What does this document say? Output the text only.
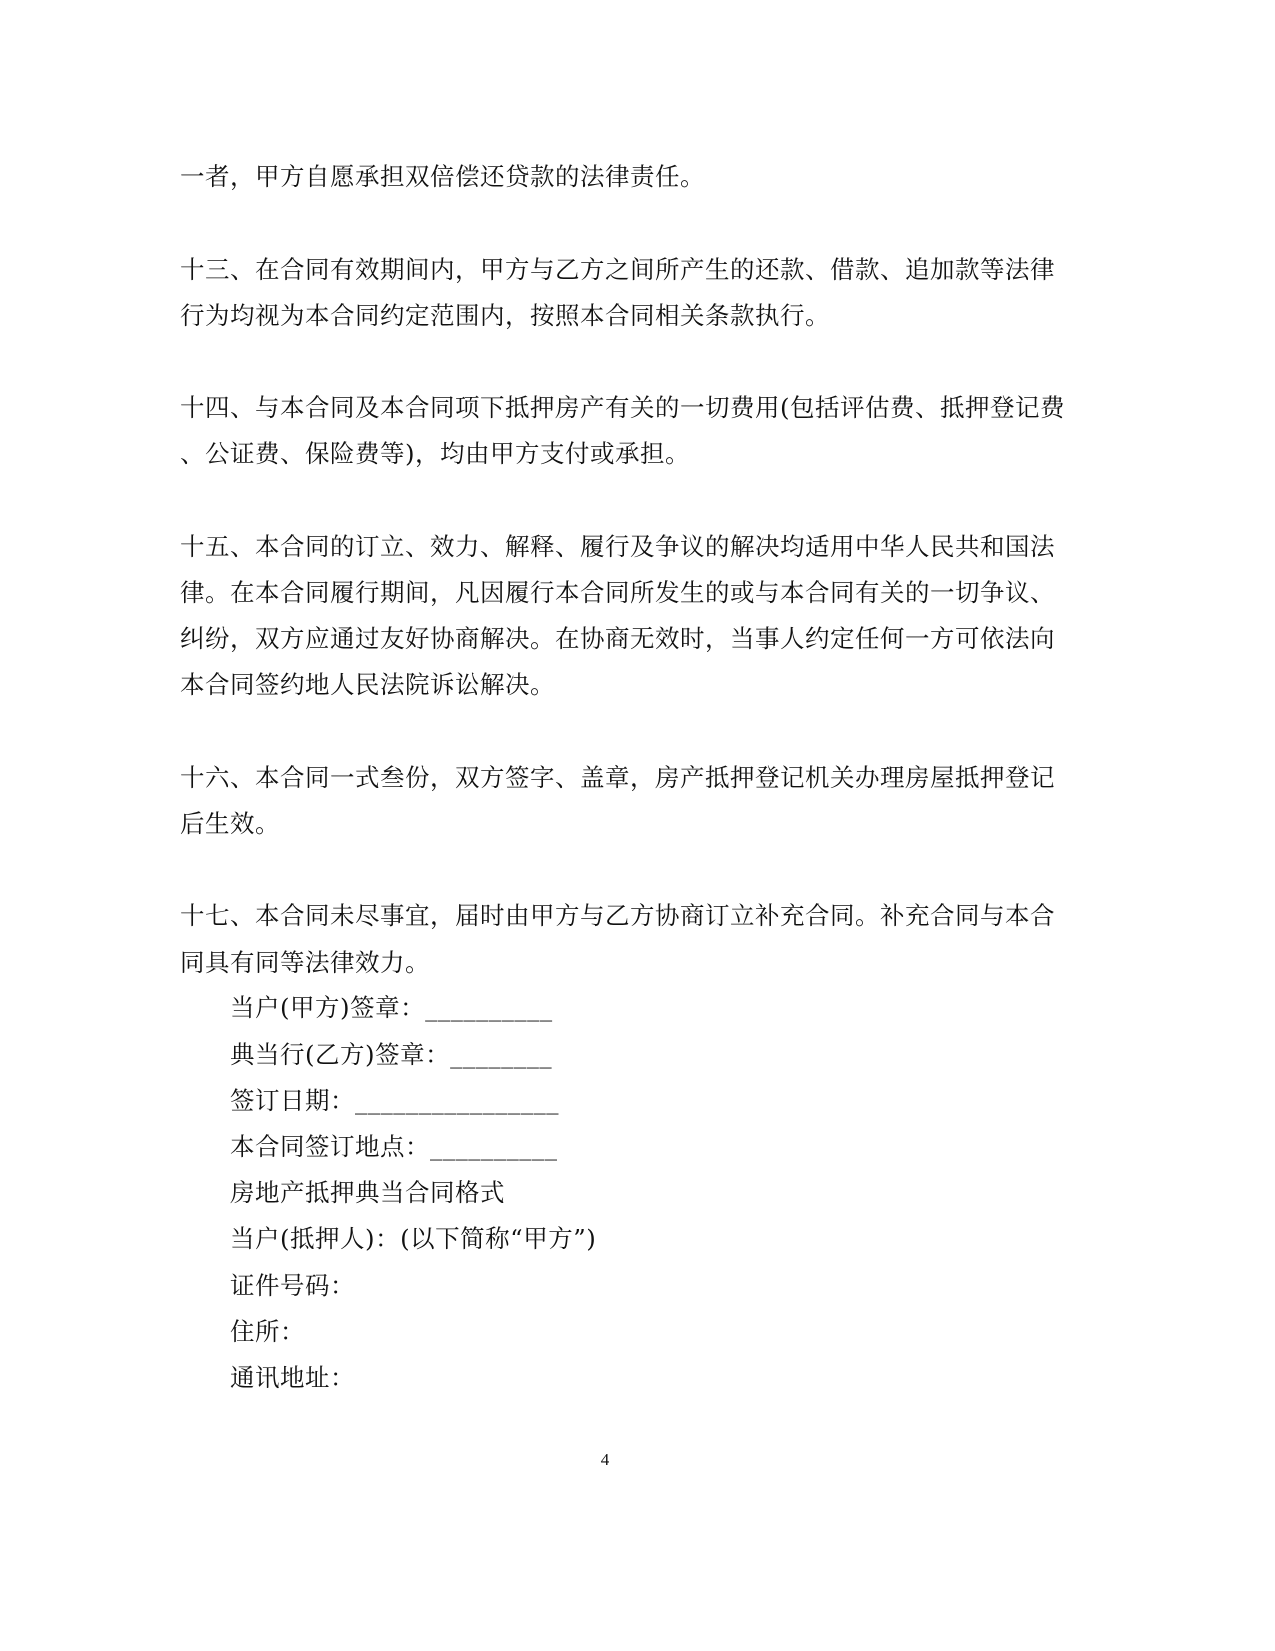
一者，甲方自愿承担双倍偿还贷款的法律责任。
十三、在合同有效期间内，甲方与乙方之间所产生的还款、借款、追加款等法律
行为均视为本合同约定范围内，按照本合同相关条款执行。
十四、与本合同及本合同项下抵押房产有关的一切费用(包括评估费、抵押登记费
、公证费、保险费等)，均由甲方支付或承担。
十五、本合同的订立、效力、解释、履行及争议的解决均适用中华人民共和国法
律。在本合同履行期间，凡因履行本合同所发生的或与本合同有关的一切争议、
纠纷，双方应通过友好协商解决。在协商无效时，当事人约定任何一方可依法向
本合同签约地人民法院诉讼解决。
十六、本合同一式叁份，双方签字、盖章，房产抵押登记机关办理房屋抵押登记
后生效。
十七、本合同未尽事宜，届时由甲方与乙方协商订立补充合同。补充合同与本合
同具有同等法律效力。
当户(甲方)签章：__________
典当行(乙方)签章：________
签订日期：________________
本合同签订地点：__________
房地产抵押典当合同格式
当户(抵押人)：(以下简称“甲方”)
证件号码：
住所：
通讯地址：
4
